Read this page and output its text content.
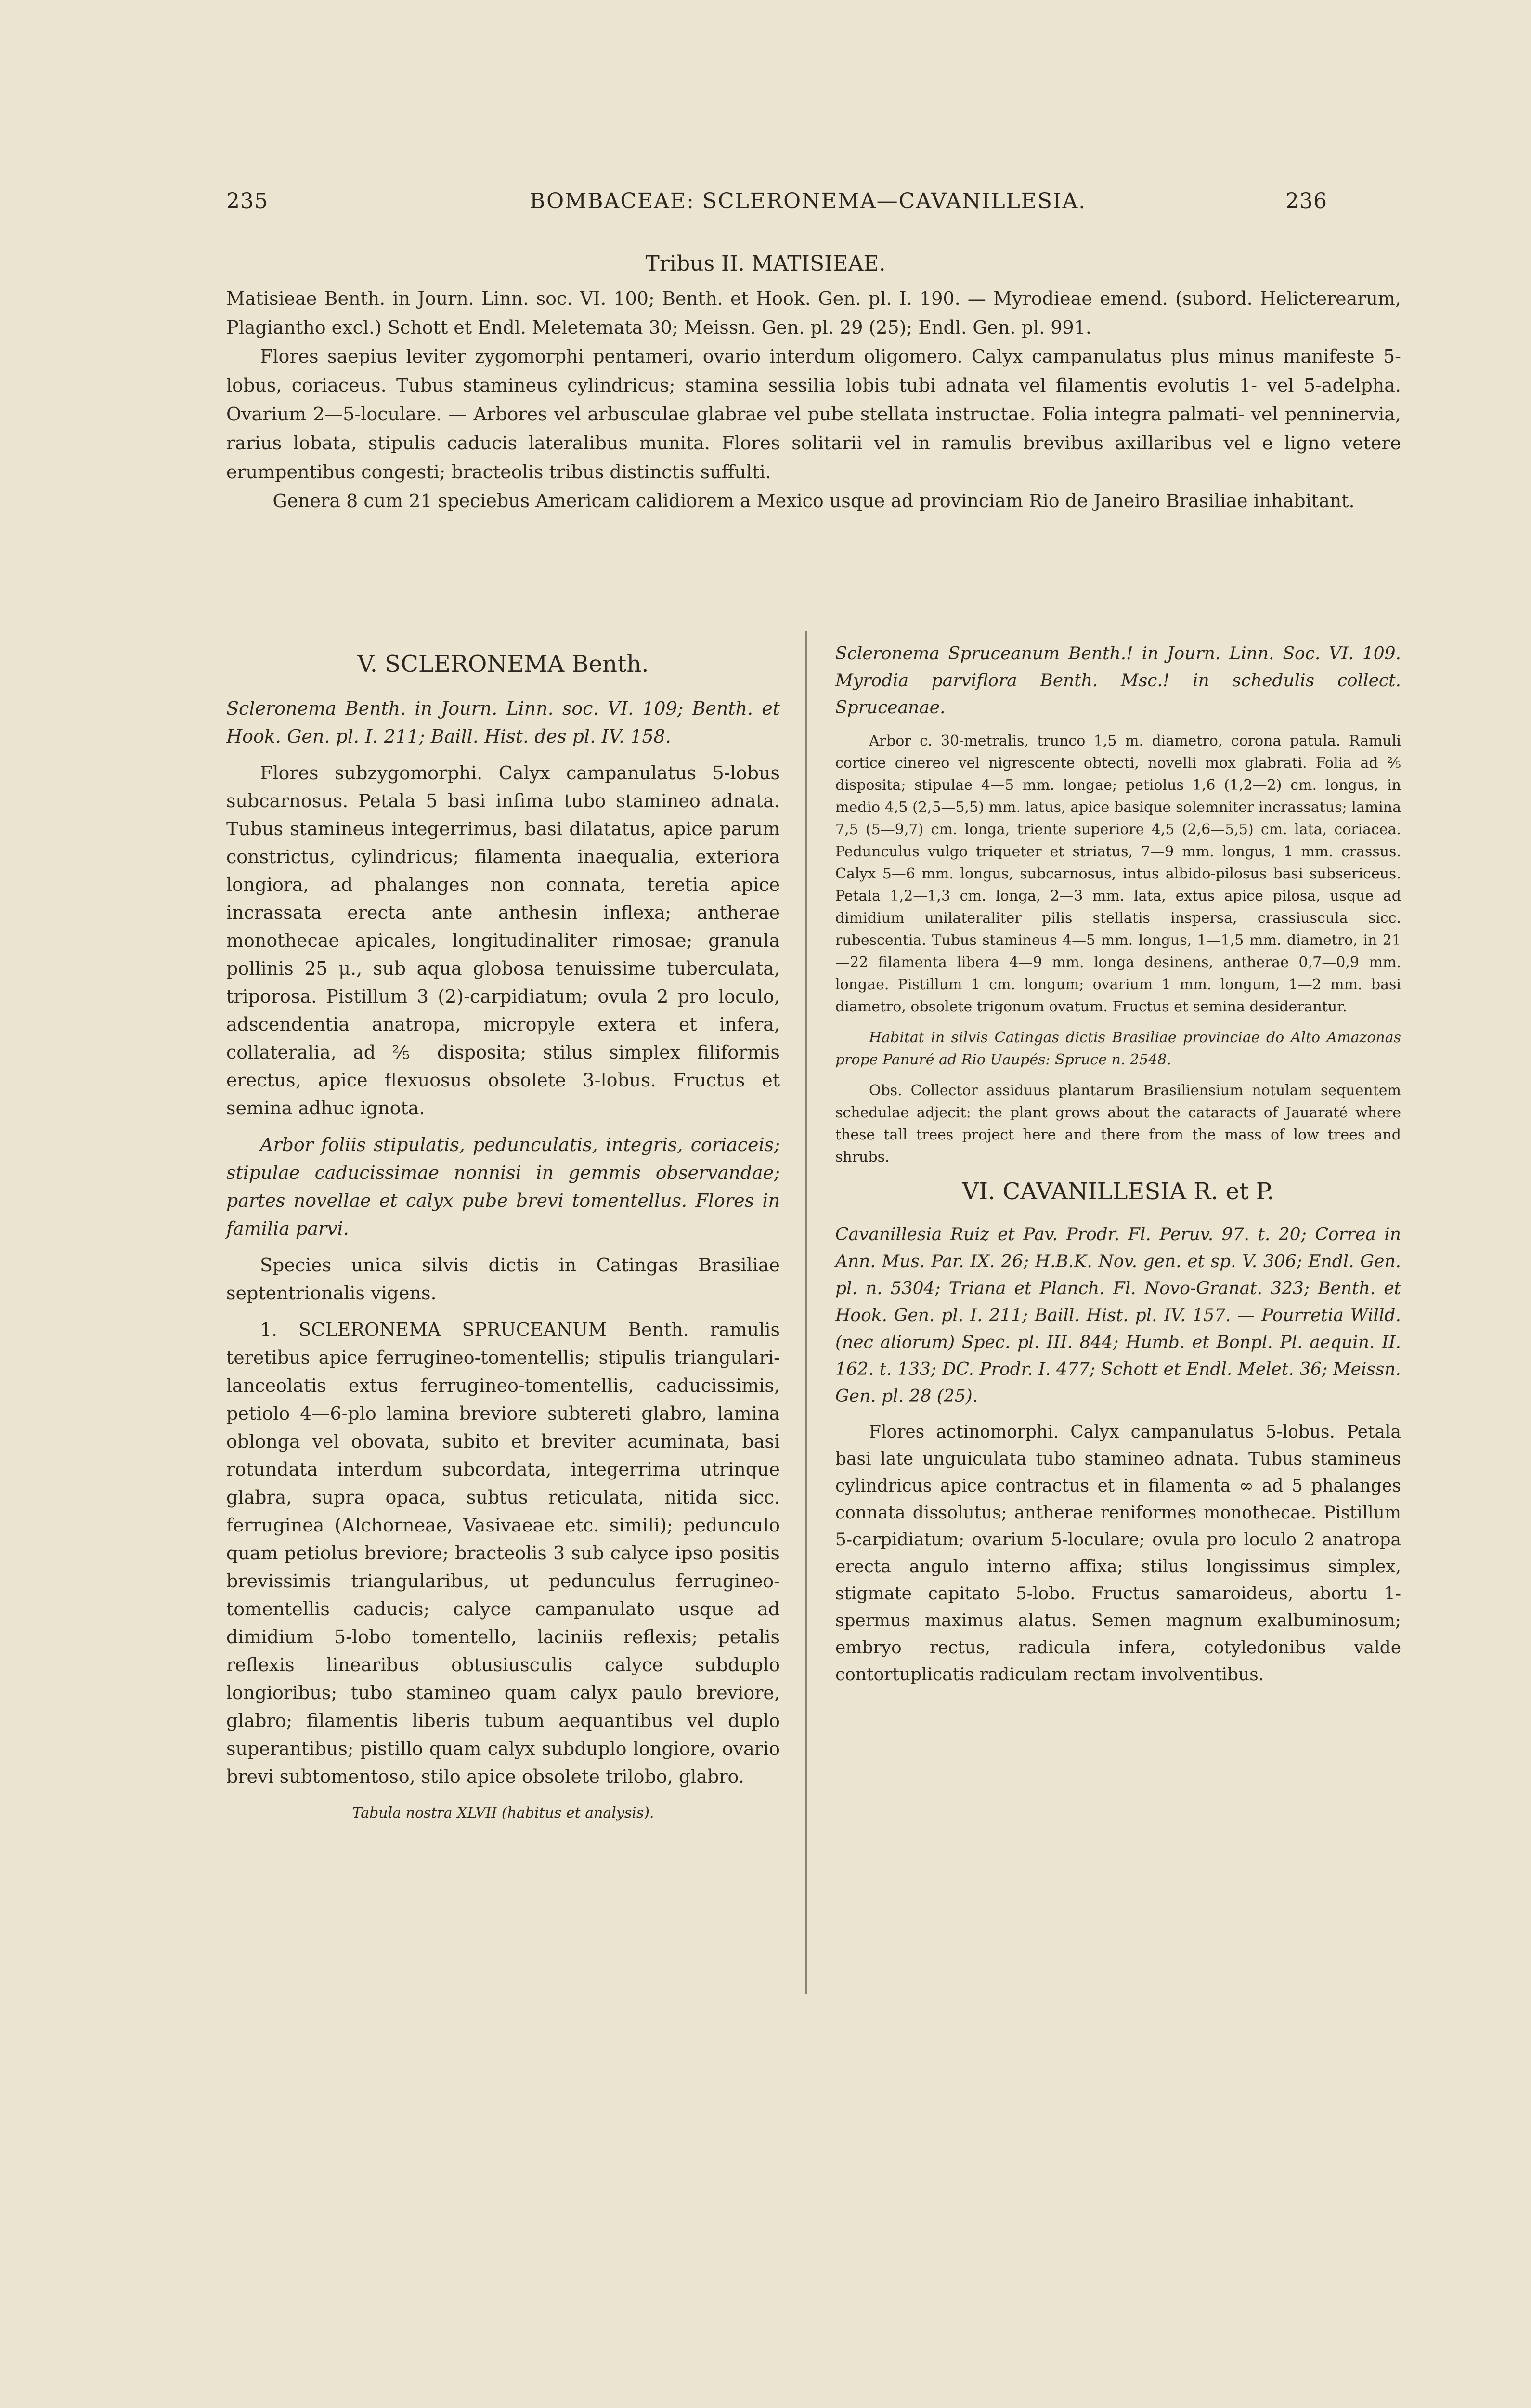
235	BOMBACEAE: SCLERONEMA—CAVANILLESIA.	236
Tribus II. MATISIEAE.

Matisieae Benth. in Journ. Linn. soc. VI. 100; Benth. et Hook. Gen. pl. I. 190. — Myrodieae emend. (subord. Helicterearum, Plagiantho excl.) Schott et Endl. Meletemata 30; Meissn. Gen. pl. 29 (25); Endl. Gen. pl. 991.

Flores saepius leviter zygomorphi pentameri, ovario interdum oligomero. Calyx campanulatus plus minus manifeste 5-lobus, coriaceus. Tubus stamineus cylindricus; stamina sessilia lobis tubi adnata vel filamentis evolutis 1- vel 5-adelpha. Ovarium 2—5-loculare. — Arbores vel arbusculae glabrae vel pube stellata instructae. Folia integra palmati- vel penninervia, rarius lobata, stipulis caducis lateralibus munita. Flores solitarii vel in ramulis brevibus axillaribus vel e ligno vetere erumpentibus congesti; bracteolis tribus distinctis suffulti.

Genera 8 cum 21 speciebus Americam calidiorem a Mexico usque ad provinciam Rio de Janeiro Brasiliae inhabitant.

V. SCLERONEMA Benth.

Scleronema Benth. in Journ. Linn. soc. VI. 109; Benth. et Hook. Gen. pl. I. 211; Baill. Hist. des pl. IV. 158.

Flores subzygomorphi. Calyx campanulatus 5-lobus subcarnosus. Petala 5 basi infima tubo stamineo adnata. Tubus stamineus integerrimus, basi dilatatus, apice parum constrictus, cylindricus; filamenta inaequalia, exteriora longiora, ad phalanges non connata, teretia apice incrassata erecta ante anthesin inflexa; antherae monothecae apicales, longitudinaliter rimosae; granula pollinis 25 μ., sub aqua globosa tenuissime tuberculata, triporosa. Pistillum 3 (2)-carpidiatum; ovula 2 pro loculo, adscendentia anatropa, micropyle extera et infera, collateralia, ad ⅖ disposita; stilus simplex filiformis erectus, apice flexuosus obsolete 3-lobus. Fructus et semina adhuc ignota.

Arbor foliis stipulatis, pedunculatis, integris, coriaceis; stipulae caducissimae nonnisi in gemmis observandae; partes novellae et calyx pube brevi tomentellus. Flores in familia parvi.

Species unica silvis dictis in Catingas Brasiliae septentrionalis vigens.

1. SCLERONEMA SPRUCEANUM Benth. ramulis teretibus apice ferrugineo-tomentellis; stipulis triangulari-lanceolatis extus ferrugineo-tomentellis, caducissimis, petiolo 4—6-plo lamina breviore subtereti glabro, lamina oblonga vel obovata, subito et breviter acuminata, basi rotundata interdum subcordata, integerrima utrinque glabra, supra opaca, subtus reticulata, nitida sicc. ferruginea (Alchorneae, Vasivaeae etc. simili); pedunculo quam petiolus breviore; bracteolis 3 sub calyce ipso positis brevissimis triangularibus, ut pedunculus ferrugineo-tomentellis caducis; calyce campanulato usque ad dimidium 5-lobo tomentello, laciniis reflexis; petalis reflexis linearibus obtusiusculis calyce subduplo longioribus; tubo stamineo quam calyx paulo breviore, glabro; filamentis liberis tubum aequantibus vel duplo superantibus; pistillo quam calyx subduplo longiore, ovario brevi subtomentoso, stilo apice obsolete trilobo, glabro.

Tabula nostra XLVII (habitus et analysis).

Scleronema Spruceanum Benth.! in Journ. Linn. Soc. VI. 109. Myrodia parviflora Benth. Msc.! in schedulis collect. Spruceanae.

Arbor c. 30-metralis, trunco 1,5 m. diametro, corona patula. Ramuli cortice cinereo vel nigrescente obtecti, novelli mox glabrati. Folia ad ⅖ disposita; stipulae 4—5 mm. longae; petiolus 1,6 (1,2—2) cm. longus, in medio 4,5 (2,5—5,5) mm. latus, apice basique solemniter incrassatus; lamina 7,5 (5—9,7) cm. longa, triente superiore 4,5 (2,6—5,5) cm. lata, coriacea. Pedunculus vulgo triqueter et striatus, 7—9 mm. longus, 1 mm. crassus. Calyx 5—6 mm. longus, subcarnosus, intus albido-pilosus basi subsericeus. Petala 1,2—1,3 cm. longa, 2—3 mm. lata, extus apice pilosa, usque ad dimidium unilateraliter pilis stellatis inspersa, crassiuscula sicc. rubescentia. Tubus stamineus 4—5 mm. longus, 1—1,5 mm. diametro, in 21—22 filamenta libera 4—9 mm. longa desinens, antherae 0,7—0,9 mm. longae. Pistillum 1 cm. longum; ovarium 1 mm. longum, 1—2 mm. basi diametro, obsolete trigonum ovatum. Fructus et semina desiderantur.

Habitat in silvis Catingas dictis Brasiliae provinciae do Alto Amazonas prope Panuré ad Rio Uaupés: Spruce n. 2548.

Obs. Collector assiduus plantarum Brasiliensium notulam sequentem schedulae adjecit: the plant grows about the cataracts of Jauaraté where these tall trees project here and there from the mass of low trees and shrubs.

VI. CAVANILLESIA R. et P.

Cavanillesia Ruiz et Pav. Prodr. Fl. Peruv. 97. t. 20; Correa in Ann. Mus. Par. IX. 26; H.B.K. Nov. gen. et sp. V. 306; Endl. Gen. pl. n. 5304; Triana et Planch. Fl. Novo-Granat. 323; Benth. et Hook. Gen. pl. I. 211; Baill. Hist. pl. IV. 157. — Pourretia Willd. (nec aliorum) Spec. pl. III. 844; Humb. et Bonpl. Pl. aequin. II. 162. t. 133; DC. Prodr. I. 477; Schott et Endl. Melet. 36; Meissn. Gen. pl. 28 (25).

Flores actinomorphi. Calyx campanulatus 5-lobus. Petala basi late unguiculata tubo stamineo adnata. Tubus stamineus cylindricus apice contractus et in filamenta ∞ ad 5 phalanges connata dissolutus; antherae reniformes monothecae. Pistillum 5-carpidiatum; ovarium 5-loculare; ovula pro loculo 2 anatropa erecta angulo interno affixa; stilus longissimus simplex, stigmate capitato 5-lobo. Fructus samaroideus, abortu 1-spermus maximus alatus. Semen magnum exalbuminosum; embryo rectus, radicula infera, cotyledonibus valde contortuplicatis radiculam rectam involventibus.
